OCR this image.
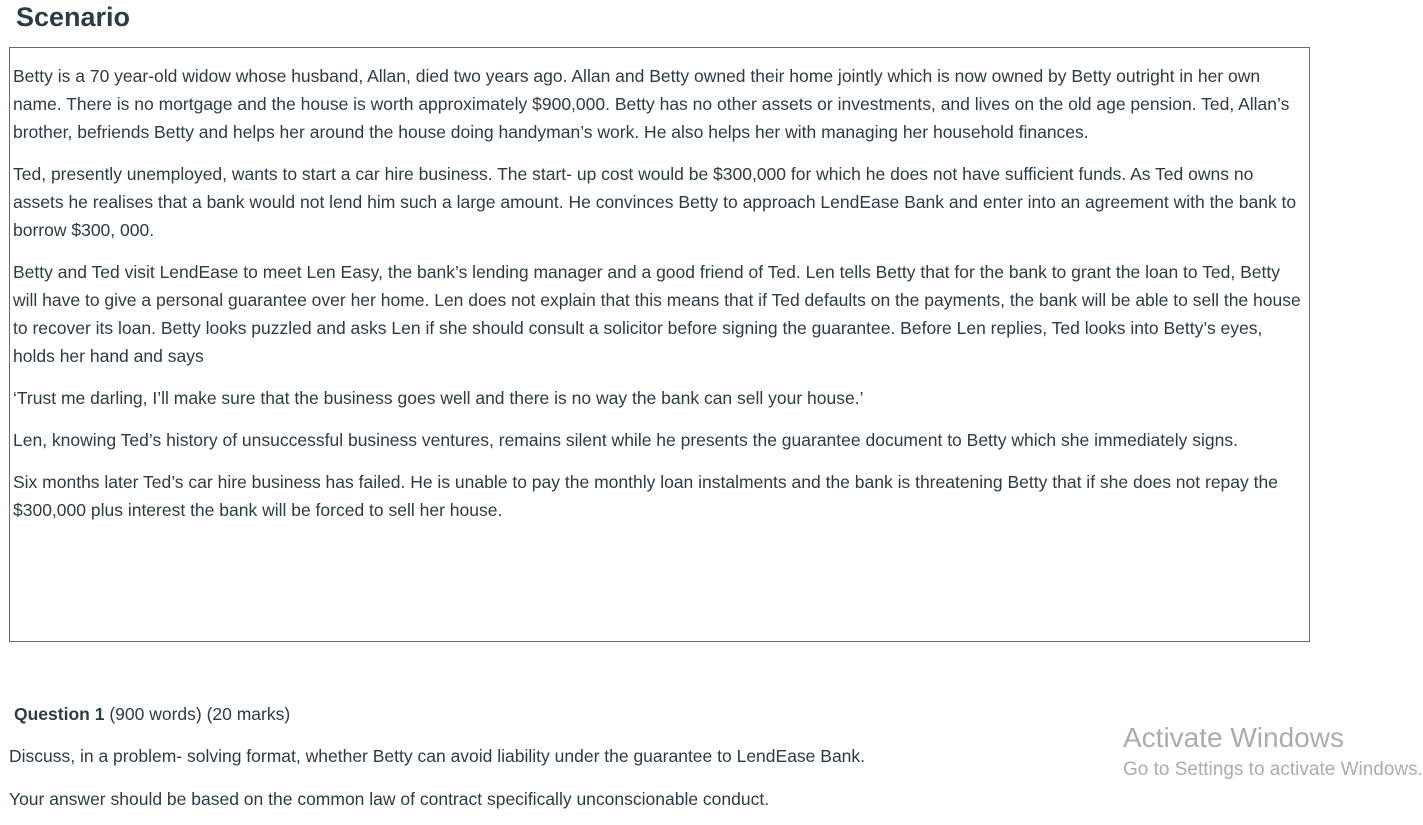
Scenario

Betty is a 70 year-old widow whose husband, Allan, died two years ago. Allan and Betty owned their home jointly which is now owned by Betty outright in her own name. There is no mortgage and the house is worth approximately $900,000. Betty has no other assets or investments, and lives on the old age pension. Ted, Allan’s brother, befriends Betty and helps her around the house doing handyman’s work. He also helps her with managing her household finances.

Ted, presently unemployed, wants to start a car hire business. The start- up cost would be $300,000 for which he does not have sufficient funds. As Ted owns no assets he realises that a bank would not lend him such a large amount. He convinces Betty to approach LendEase Bank and enter into an agreement with the bank to borrow $300, 000.

Betty and Ted visit LendEase to meet Len Easy, the bank’s lending manager and a good friend of Ted. Len tells Betty that for the bank to grant the loan to Ted, Betty will have to give a personal guarantee over her home. Len does not explain that this means that if Ted defaults on the payments, the bank will be able to sell the house to recover its loan. Betty looks puzzled and asks Len if she should consult a solicitor before signing the guarantee. Before Len replies, Ted looks into Betty’s eyes, holds her hand and says

‘Trust me darling, I’ll make sure that the business goes well and there is no way the bank can sell your house.’

Len, knowing Ted’s history of unsuccessful business ventures, remains silent while he presents the guarantee document to Betty which she immediately signs.

Six months later Ted’s car hire business has failed. He is unable to pay the monthly loan instalments and the bank is threatening Betty that if she does not repay the $300,000 plus interest the bank will be forced to sell her house.

Question 1 (900 words) (20 marks)

Discuss, in a problem- solving format, whether Betty can avoid liability under the guarantee to LendEase Bank.

Your answer should be based on the common law of contract specifically unconscionable conduct.

Activate Windows
Go to Settings to activate Windows.
